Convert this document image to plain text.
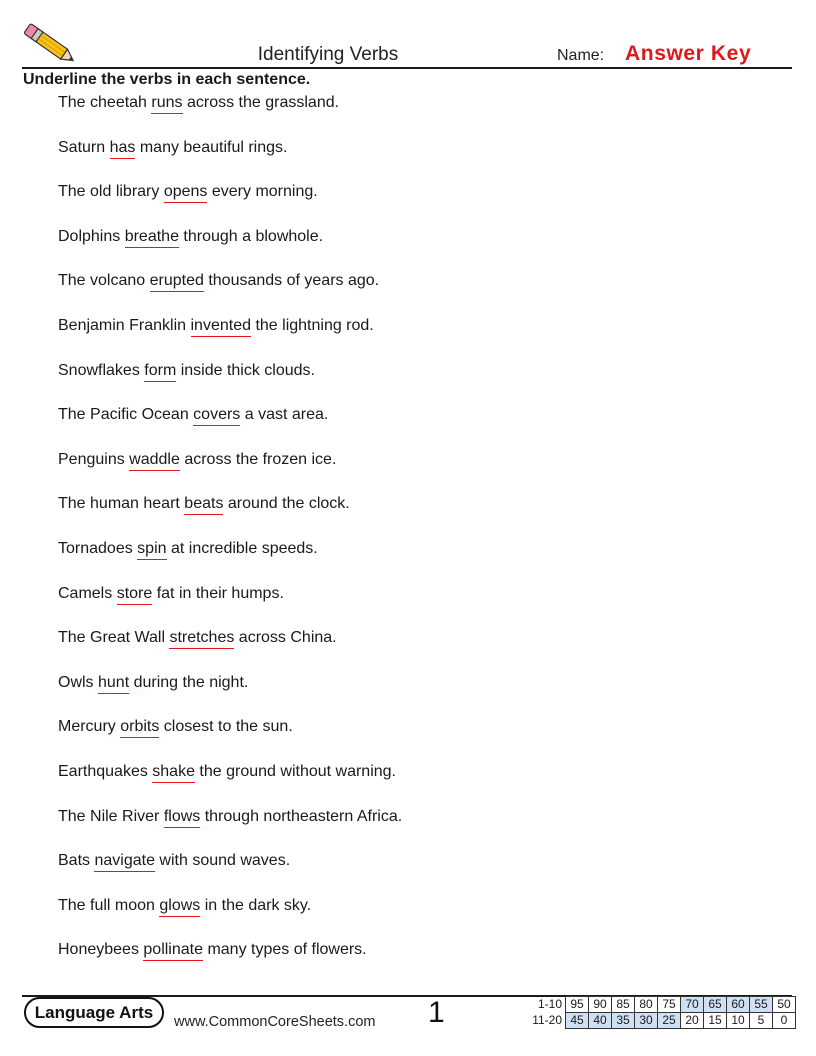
Identifying Verbs	Name: Answer Key
Underline the verbs in each sentence.
The cheetah runs across the grassland.
Saturn has many beautiful rings.
The old library opens every morning.
Dolphins breathe through a blowhole.
The volcano erupted thousands of years ago.
Benjamin Franklin invented the lightning rod.
Snowflakes form inside thick clouds.
The Pacific Ocean covers a vast area.
Penguins waddle across the frozen ice.
The human heart beats around the clock.
Tornadoes spin at incredible speeds.
Camels store fat in their humps.
The Great Wall stretches across China.
Owls hunt during the night.
Mercury orbits closest to the sun.
Earthquakes shake the ground without warning.
The Nile River flows through northeastern Africa.
Bats navigate with sound waves.
The full moon glows in the dark sky.
Honeybees pollinate many types of flowers.
Language Arts	www.CommonCoreSheets.com 1	1-10	95	90	85	80	75	70	65	60	55	50
11-20	45	40	35	30	25	20	15	10	5	0
